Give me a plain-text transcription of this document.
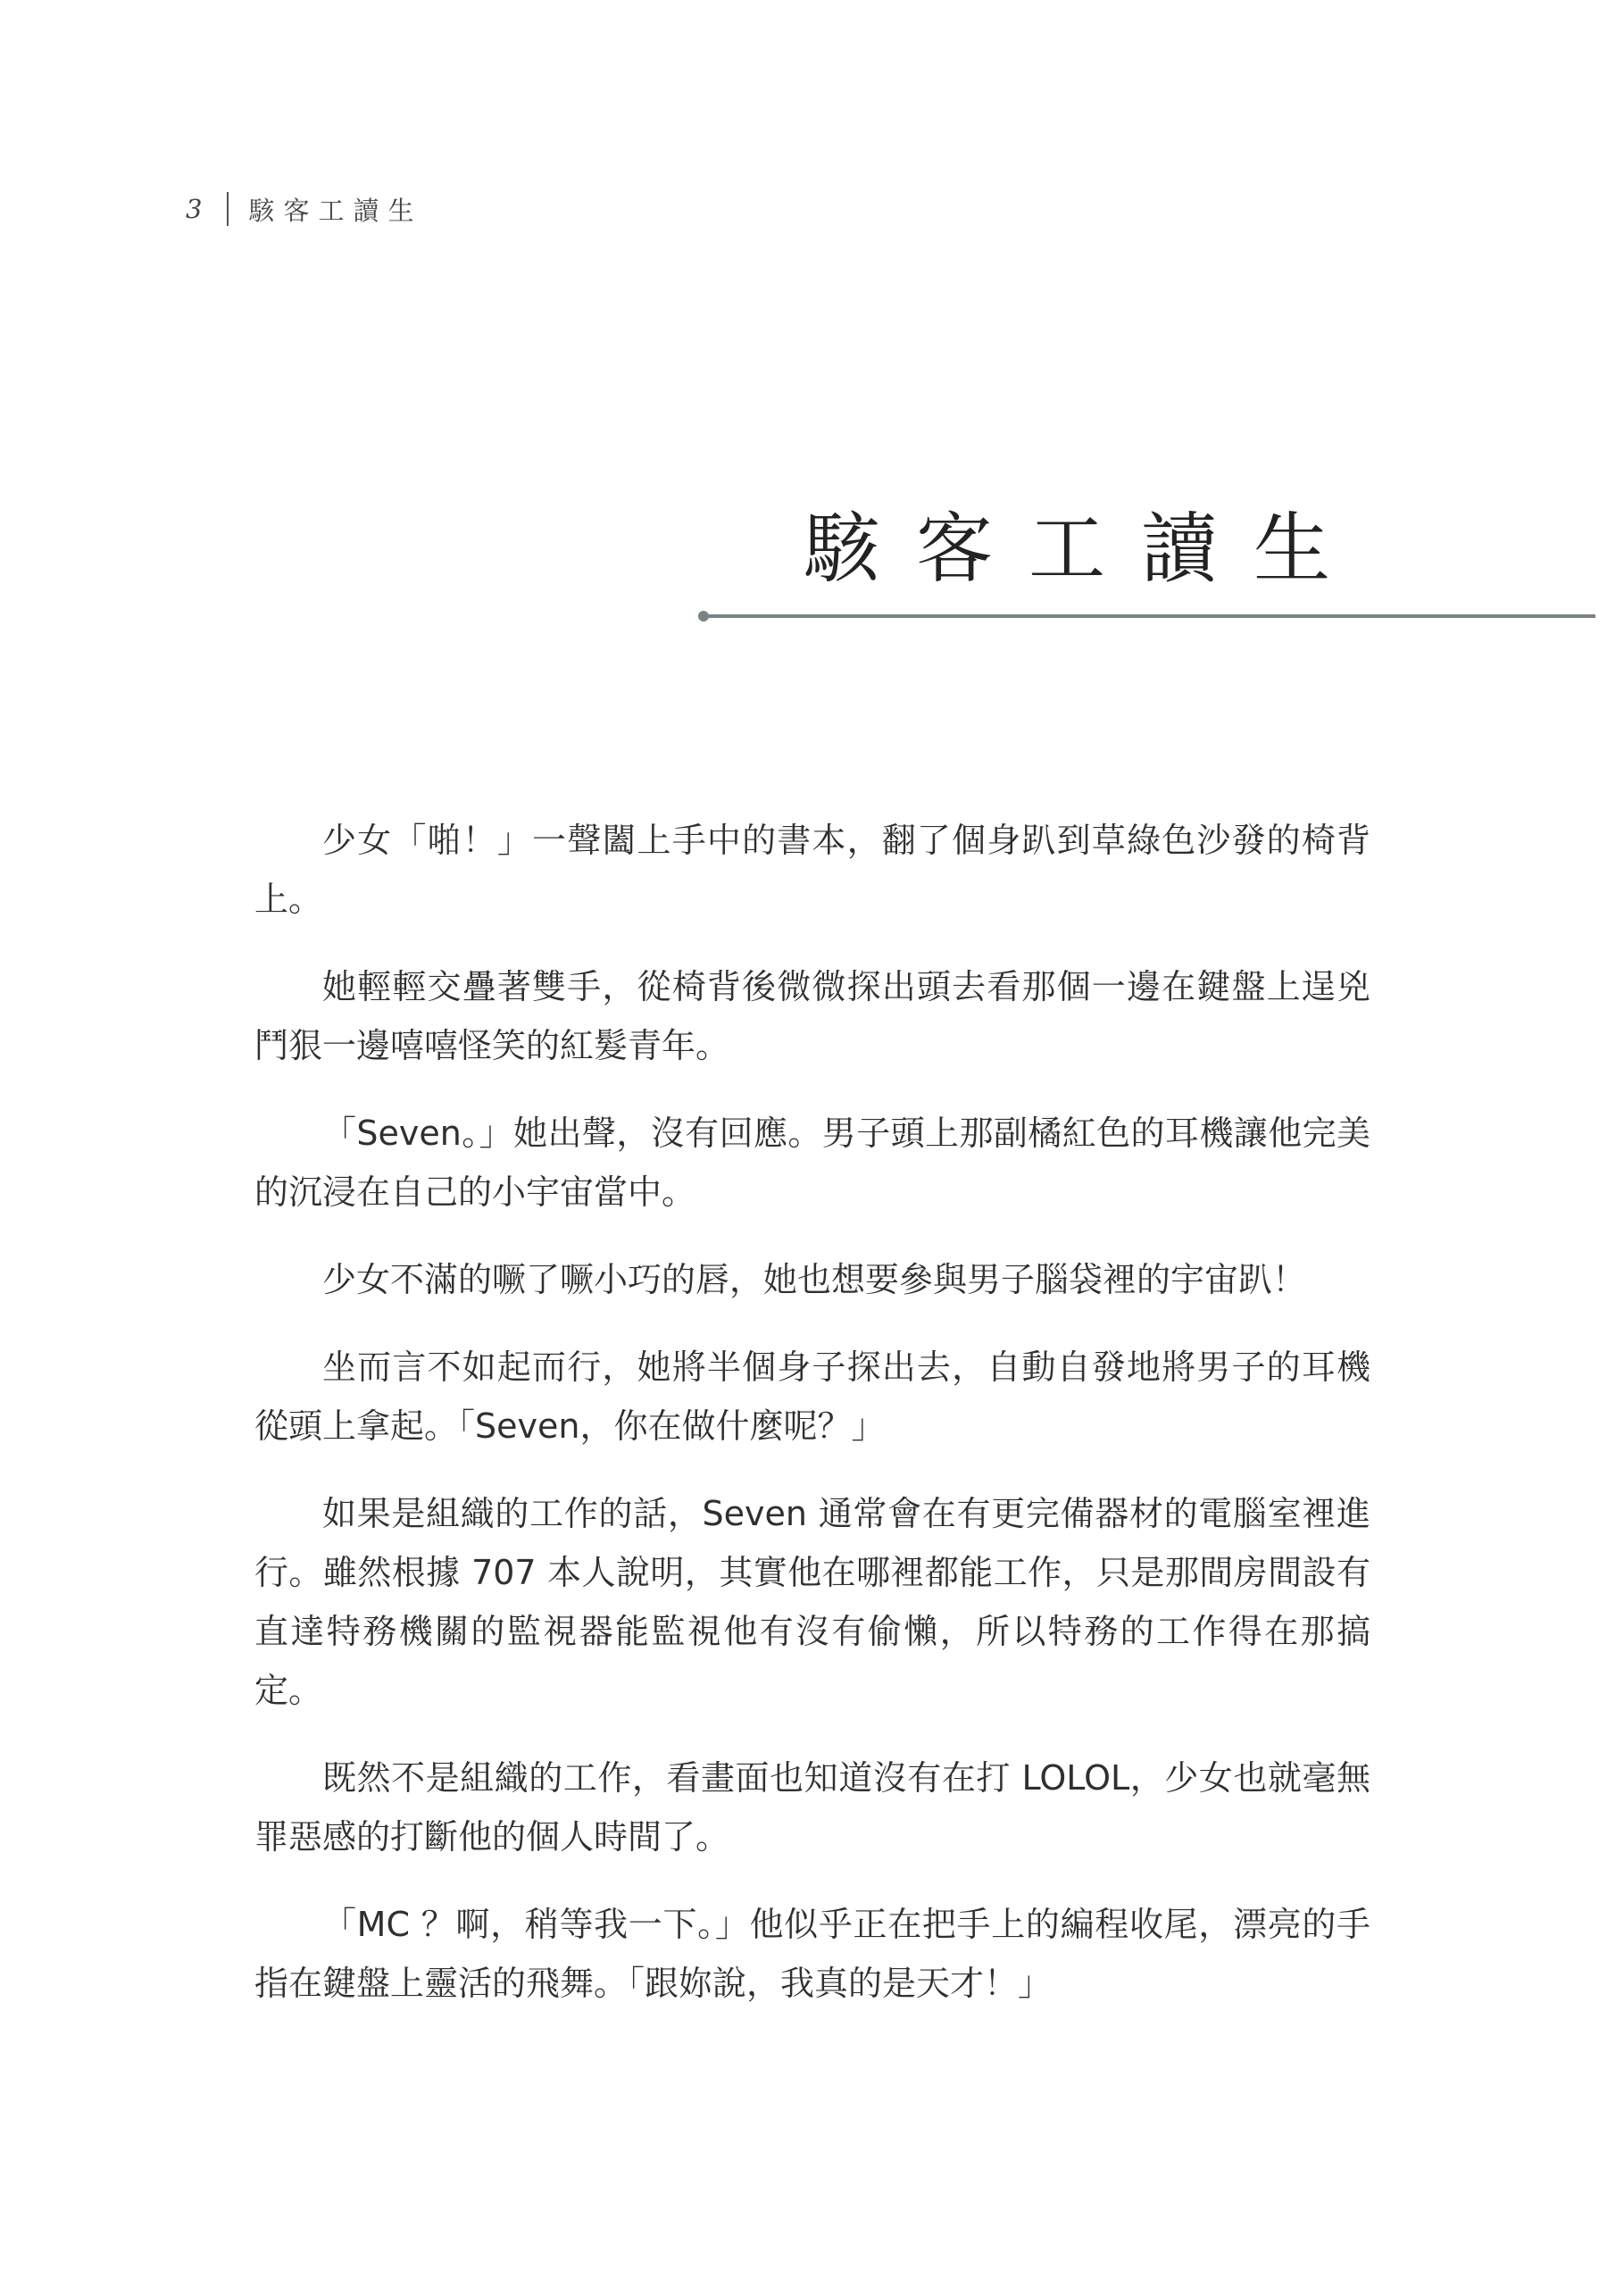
3 駭客工讀生
駭客工讀生

少女「啪！」一聲闔上手中的書本，翻了個身趴到草綠色沙發的椅背上。

她輕輕交疊著雙手，從椅背後微微探出頭去看那個一邊在鍵盤上逞兇鬥狠一邊嘻嘻怪笑的紅髮青年。

「Seven。」她出聲，沒有回應。男子頭上那副橘紅色的耳機讓他完美的沉浸在自己的小宇宙當中。

少女不滿的噘了噘小巧的唇，她也想要參與男子腦袋裡的宇宙趴！

坐而言不如起而行，她將半個身子探出去，自動自發地將男子的耳機從頭上拿起。「Seven，你在做什麼呢？」

如果是組織的工作的話，Seven 通常會在有更完備器材的電腦室裡進行。雖然根據 707 本人說明，其實他在哪裡都能工作，只是那間房間設有直達特務機關的監視器能監視他有沒有偷懶，所以特務的工作得在那搞定。

既然不是組織的工作，看畫面也知道沒有在打 LOLOL，少女也就毫無罪惡感的打斷他的個人時間了。

「MC ？啊，稍等我一下。」他似乎正在把手上的編程收尾，漂亮的手指在鍵盤上靈活的飛舞。「跟妳說，我真的是天才！」
